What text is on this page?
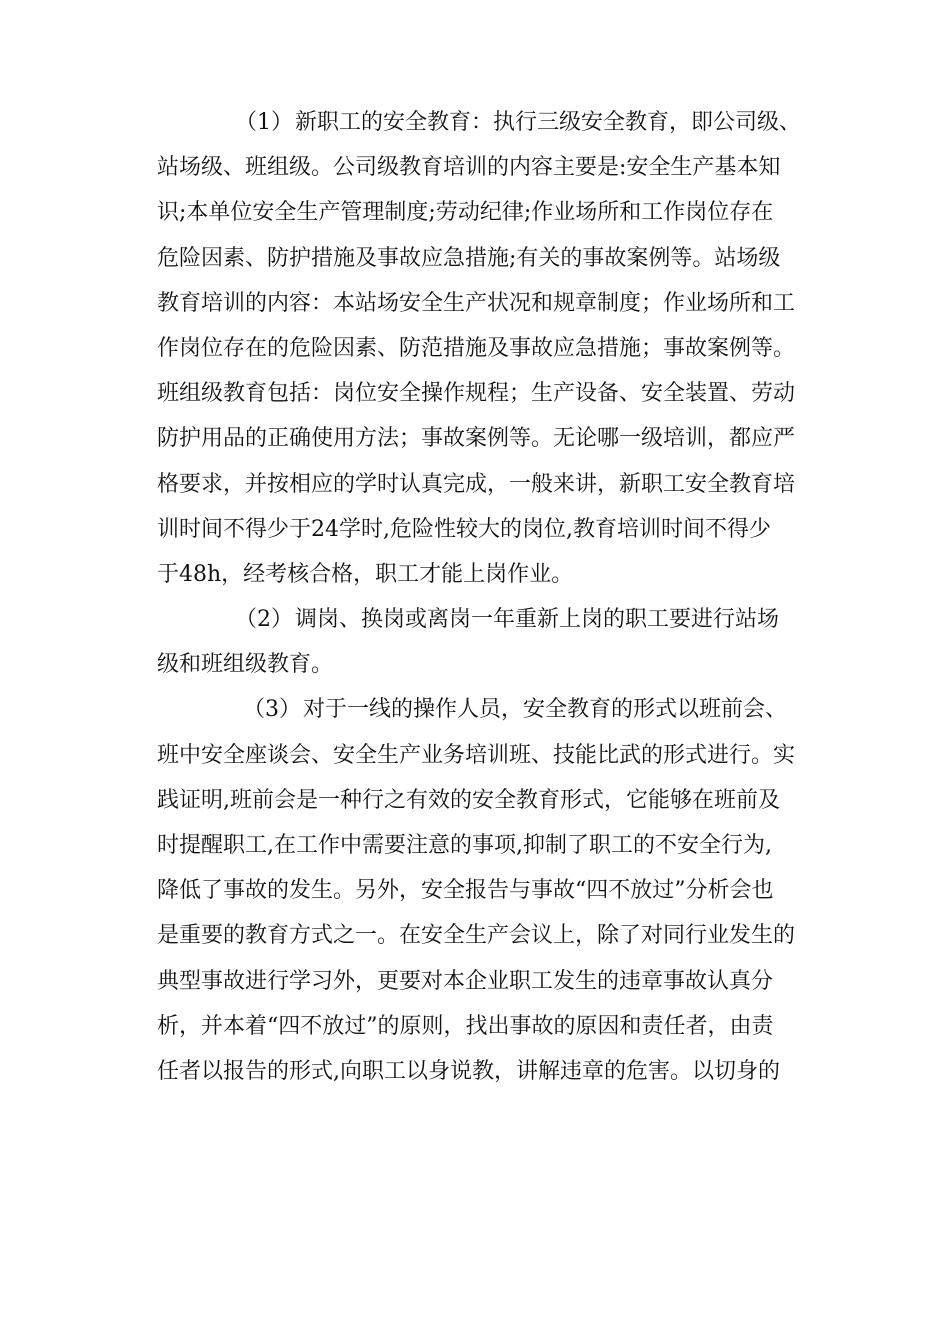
（1）新职工的安全教育：执行三级安全教育，即公司级、
站场级、班组级。公司级教育培训的内容主要是:安全生产基本知
识;本单位安全生产管理制度;劳动纪律;作业场所和工作岗位存在
危险因素、防护措施及事故应急措施;有关的事故案例等。站场级
教育培训的内容：本站场安全生产状况和规章制度；作业场所和工
作岗位存在的危险因素、防范措施及事故应急措施；事故案例等。
班组级教育包括：岗位安全操作规程；生产设备、安全装置、劳动
防护用品的正确使用方法；事故案例等。无论哪一级培训，都应严
格要求，并按相应的学时认真完成，一般来讲，新职工安全教育培
训时间不得少于24学时,危险性较大的岗位,教育培训时间不得少
于48h，经考核合格，职工才能上岗作业。
（2）调岗、换岗或离岗一年重新上岗的职工要进行站场
级和班组级教育。
（3）对于一线的操作人员，安全教育的形式以班前会、
班中安全座谈会、安全生产业务培训班、技能比武的形式进行。实
践证明,班前会是一种行之有效的安全教育形式，它能够在班前及
时提醒职工,在工作中需要注意的事项,抑制了职工的不安全行为,
降低了事故的发生。另外，安全报告与事故“四不放过”分析会也
是重要的教育方式之一。在安全生产会议上，除了对同行业发生的
典型事故进行学习外，更要对本企业职工发生的违章事故认真分
析，并本着“四不放过”的原则，找出事故的原因和责任者，由责
任者以报告的形式,向职工以身说教，讲解违章的危害。以切身的
